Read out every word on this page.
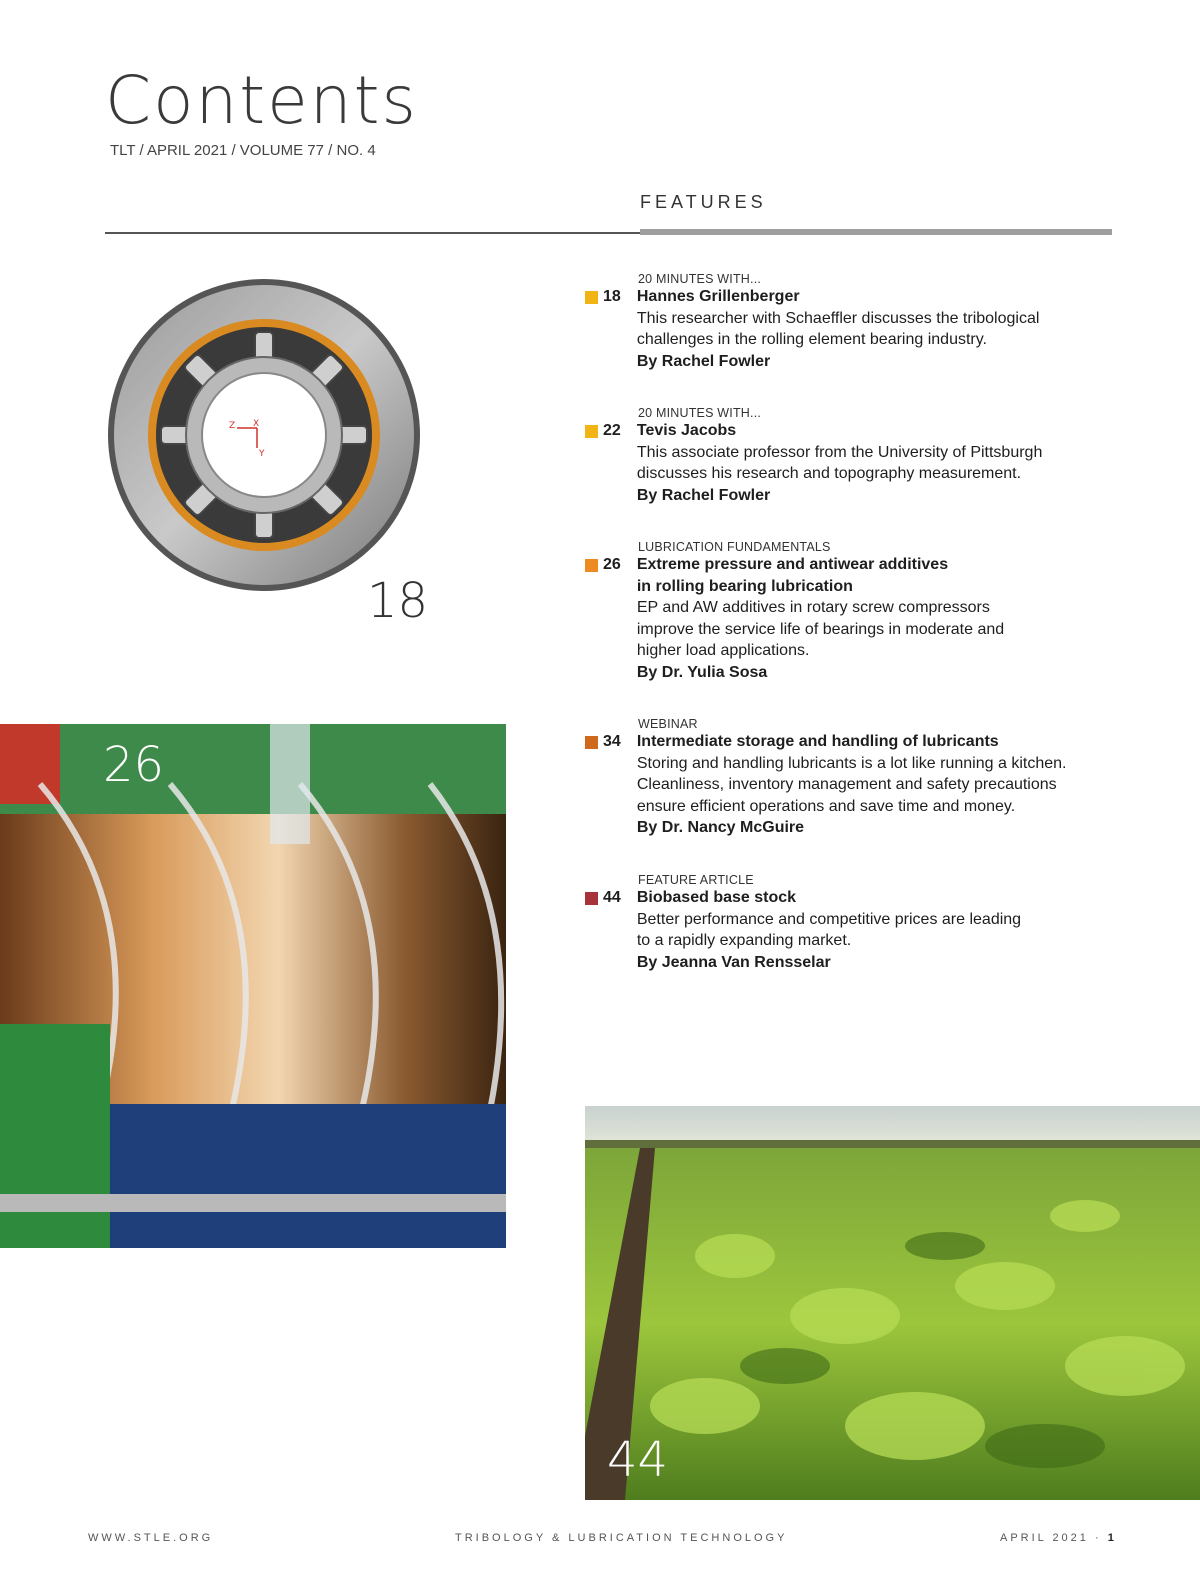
Contents
TLT / APRIL 2021 / VOLUME 77 / NO. 4
FEATURES
Z X
Y
18
26
44
20 MINUTES WITH...
18	Hannes Grillenberger
This researcher with Schaeffler discusses the tribological
challenges in the rolling element bearing industry.
By Rachel Fowler
20 MINUTES WITH...
22	Tevis Jacobs
This associate professor from the University of Pittsburgh
discusses his research and topography measurement.
By Rachel Fowler
LUBRICATION FUNDAMENTALS
26	Extreme pressure and antiwear additives
in rolling bearing lubrication
EP and AW additives in rotary screw compressors
improve the service life of bearings in moderate and
higher load applications.
By Dr. Yulia Sosa
WEBINAR
34	Intermediate storage and handling of lubricants
Storing and handling lubricants is a lot like running a kitchen.
Cleanliness, inventory management and safety precautions
ensure efficient operations and save time and money.
By Dr. Nancy McGuire
FEATURE ARTICLE
44	Biobased base stock
Better performance and competitive prices are leading
to a rapidly expanding market.
By Jeanna Van Rensselar
WWW.STLE.ORG	TRIBOLOGY & LUBRICATION TECHNOLOGY	APRIL 2021 · 1
